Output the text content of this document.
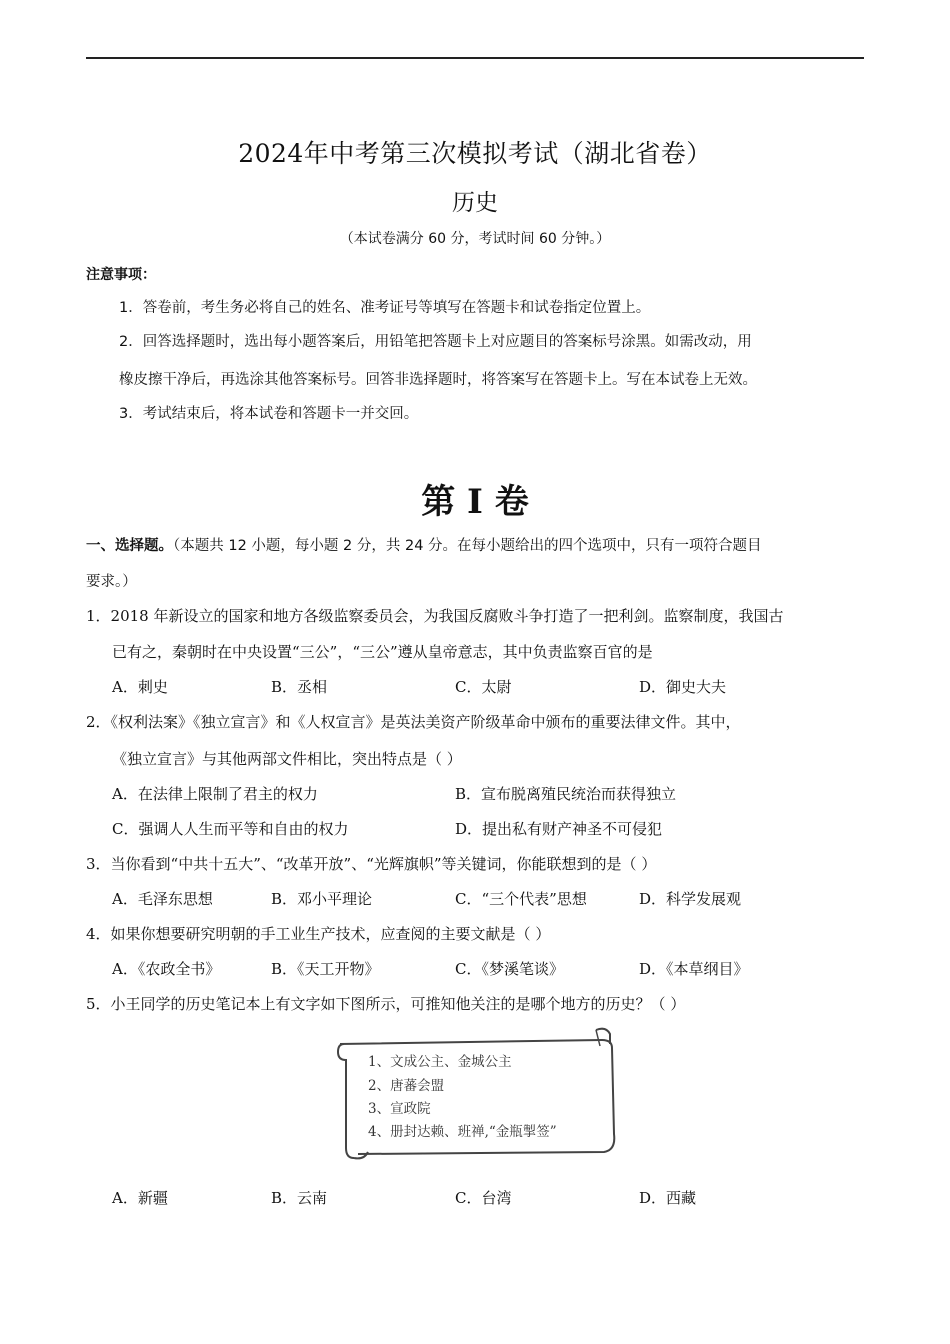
2024年中考第三次模拟考试（湖北省卷）
历史
（本试卷满分 60 分，考试时间 60 分钟。）
注意事项：
1．答卷前，考生务必将自己的姓名、准考证号等填写在答题卡和试卷指定位置上。
2．回答选择题时，选出每小题答案后，用铅笔把答题卡上对应题目的答案标号涂黑。如需改动，用
橡皮擦干净后，再选涂其他答案标号。回答非选择题时，将答案写在答题卡上。写在本试卷上无效。
3．考试结束后，将本试卷和答题卡一并交回。
第 I 卷
一、选择题。（本题共 12 小题，每小题 2 分，共 24 分。在每小题给出的四个选项中，只有一项符合题目
要求。）
1．2018 年新设立的国家和地方各级监察委员会，为我国反腐败斗争打造了一把利剑。监察制度，我国古
已有之，秦朝时在中央设置“三公”，“三公”遵从皇帝意志，其中负责监察百官的是
A．刺史	B．丞相	C．太尉	D．御史大夫
2．《权利法案》《独立宣言》和《人权宣言》是英法美资产阶级革命中颁布的重要法律文件。其中，
《独立宣言》与其他两部文件相比，突出特点是（ ）
A．在法律上限制了君主的权力	B．宣布脱离殖民统治而获得独立
C．强调人人生而平等和自由的权力	D．提出私有财产神圣不可侵犯
3．当你看到“中共十五大”、“改革开放”、“光辉旗帜”等关键词，你能联想到的是（ ）
A．毛泽东思想	B．邓小平理论	C．“三个代表”思想	D．科学发展观
4．如果你想要研究明朝的手工业生产技术，应查阅的主要文献是（ ）
A．《农政全书》	B．《天工开物》	C．《梦溪笔谈》	D．《本草纲目》
5．小王同学的历史笔记本上有文字如下图所示，可推知他关注的是哪个地方的历史？（ ）
1、文成公主、金城公主
2、唐蕃会盟
3、宣政院
4、册封达赖、班禅,“金瓶掣签”
A．新疆	B．云南	C．台湾	D．西藏
